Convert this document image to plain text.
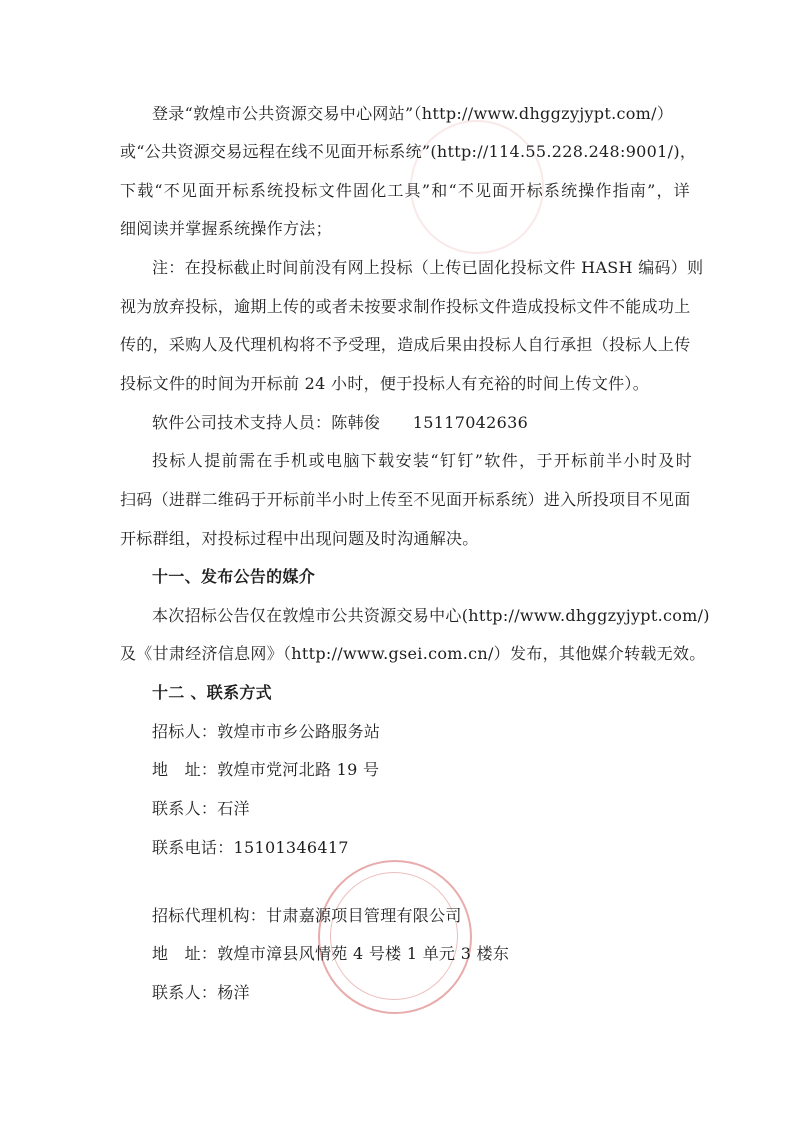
登录“敦煌市公共资源交易中心网站”（http://www.dhggzyjypt.com/）
或“公共资源交易远程在线不见面开标系统”(http://114.55.228.248:9001/)，
下载“不见面开标系统投标文件固化工具”和“不见面开标系统操作指南”，详
细阅读并掌握系统操作方法；
注：在投标截止时间前没有网上投标（上传已固化投标文件 HASH 编码）则
视为放弃投标，逾期上传的或者未按要求制作投标文件造成投标文件不能成功上
传的，采购人及代理机构将不予受理，造成后果由投标人自行承担（投标人上传
投标文件的时间为开标前 24 小时，便于投标人有充裕的时间上传文件）。
软件公司技术支持人员：陈韩俊　　15117042636
投标人提前需在手机或电脑下载安装“钉钉”软件，于开标前半小时及时
扫码（进群二维码于开标前半小时上传至不见面开标系统）进入所投项目不见面
开标群组，对投标过程中出现问题及时沟通解决。
十一、发布公告的媒介
本次招标公告仅在敦煌市公共资源交易中心(http://www.dhggzyjypt.com/)
及《甘肃经济信息网》（http://www.gsei.com.cn/）发布，其他媒介转载无效。
十二 、联系方式
招标人：敦煌市市乡公路服务站
地　址：敦煌市党河北路 19 号
联系人：石洋
联系电话：15101346417
招标代理机构：甘肃嘉源项目管理有限公司
地　址：敦煌市漳县风情苑 4 号楼 1 单元 3 楼东
联系人：杨洋
